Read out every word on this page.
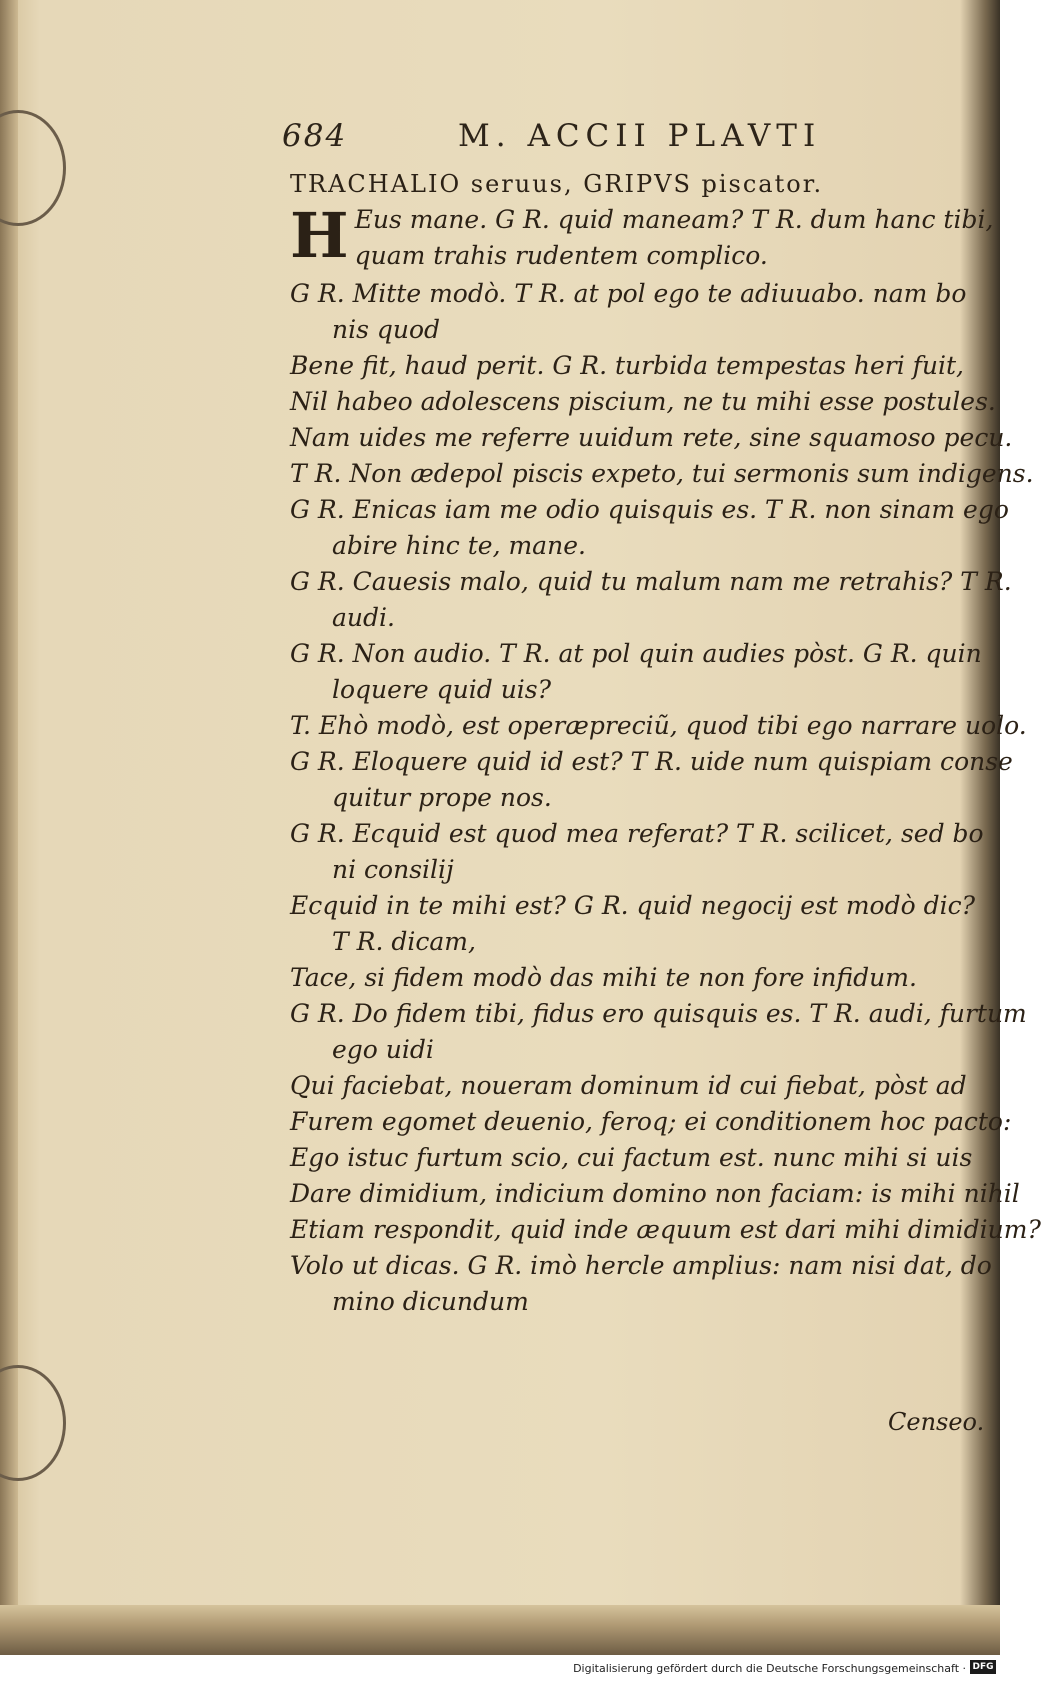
684	M. ACCII PLAVTI
TRACHALIO seruus, GRIPVS piscator.
H Eus mane. G R. quid maneam? T R. dum hanc tibi,
quam trahis rudentem complico.
G R. Mitte modò. T R. at pol ego te adiuuabo. nam bo
nis quod
Bene fit, haud perit. G R. turbida tempestas heri fuit,
Nil habeo adolescens piscium, ne tu mihi esse postules.
Nam uides me referre uuidum rete, sine squamoso pecu.
T R. Non ædepol piscis expeto, tui sermonis sum indigens.
G R. Enicas iam me odio quisquis es. T R. non sinam ego
abire hinc te, mane.
G R. Cauesis malo, quid tu malum nam me retrahis? T R.
audi.
G R. Non audio. T R. at pol quin audies pòst. G R. quin
loquere quid uis?
T. Ehò modò, est operæpreciũ, quod tibi ego narrare uolo.
G R. Eloquere quid id est? T R. uide num quispiam conse
quitur prope nos.
G R. Ecquid est quod mea referat? T R. scilicet, sed bo
ni consilij
Ecquid in te mihi est? G R. quid negocij est modò dic?
T R. dicam,
Tace, si fidem modò das mihi te non fore infidum.
G R. Do fidem tibi, fidus ero quisquis es. T R. audi, furtum
ego uidi
Qui faciebat, noueram dominum id cui fiebat, pòst ad
Furem egomet deuenio, feroq; ei conditionem hoc pacto:
Ego istuc furtum scio, cui factum est. nunc mihi si uis
Dare dimidium, indicium domino non faciam: is mihi nihil
Etiam respondit, quid inde æquum est dari mihi dimidium?
Volo ut dicas. G R. imò hercle amplius: nam nisi dat, do
mino dicundum
Censeo.
Digitalisierung gefördert durch die Deutsche Forschungsgemeinschaft · DFG
